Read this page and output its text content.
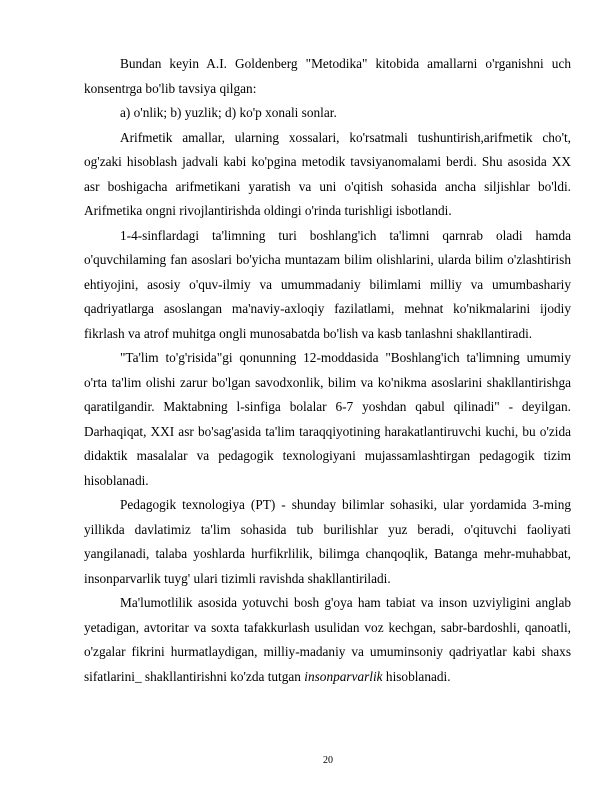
Bundan keyin A.I. Goldenberg "Metodika" kitobida amallarni o'rganishni uch konsentrga bo'lib tavsiya qilgan:

a) o'nlik; b) yuzlik; d) ko'p xonali sonlar.

Arifmetik amallar, ularning xossalari, ko'rsatmali tushuntirish,arifmetik cho't, og'zaki hisoblash jadvali kabi ko'pgina metodik tavsiyanomalami berdi. Shu asosida XX asr boshigacha arifmetikani yaratish va uni o'qitish sohasida ancha siljishlar bo'ldi. Arifmetika ongni rivojlantirishda oldingi o'rinda turishligi isbotlandi.

1-4-sinflardagi ta'limning turi boshlang'ich ta'limni qarnrab oladi hamda o'quvchilaming fan asoslari bo'yicha muntazam bilim olishlarini, ularda bilim o'zlashtirish ehtiyojini, asosiy o'quv-ilmiy va umummadaniy bilimlami milliy va umumbashariy qadriyatlarga asoslangan ma'naviy-axloqiy fazilatlami, mehnat ko'nikmalarini ijodiy fikrlash va atrof muhitga ongli munosabatda bo'lish va kasb tanlashni shakllantiradi.

"Ta'lim to'g'risida"gi qonunning 12-moddasida "Boshlang'ich ta'limning umumiy o'rta ta'lim olishi zarur bo'lgan savodxonlik, bilim va ko'nikma asoslarini shakllantirishga qaratilgandir. Maktabning l-sinfiga bolalar 6-7 yoshdan qabul qilinadi" - deyilgan. Darhaqiqat, XXI asr bo'sag'asida ta'lim taraqqiyotining harakatlantiruvchi kuchi, bu o'zida didaktik masalalar va pedagogik texnologiyani mujassamlashtirgan pedagogik tizim hisoblanadi.

Pedagogik texnologiya (PT) - shunday bilimlar sohasiki, ular yordamida 3-ming yillikda davlatimiz ta'lim sohasida tub burilishlar yuz beradi, o'qituvchi faoliyati yangilanadi, talaba yoshlarda hurfikrlilik, bilimga chanqoqlik, Batanga mehr-muhabbat, insonparvarlik tuyg' ulari tizimli ravishda shakllantiriladi.

Ma'lumotlilik asosida yotuvchi bosh g'oya ham tabiat va inson uzviyligini anglab yetadigan, avtoritar va soxta tafakkurlash usulidan voz kechgan, sabr-bardoshli, qanoatli, o'zgalar fikrini hurmatlaydigan, milliy-madaniy va umuminsoniy qadriyatlar kabi shaxs sifatlarini_ shakllantirishni ko'zda tutgan insonparvarlik hisoblanadi.

20
